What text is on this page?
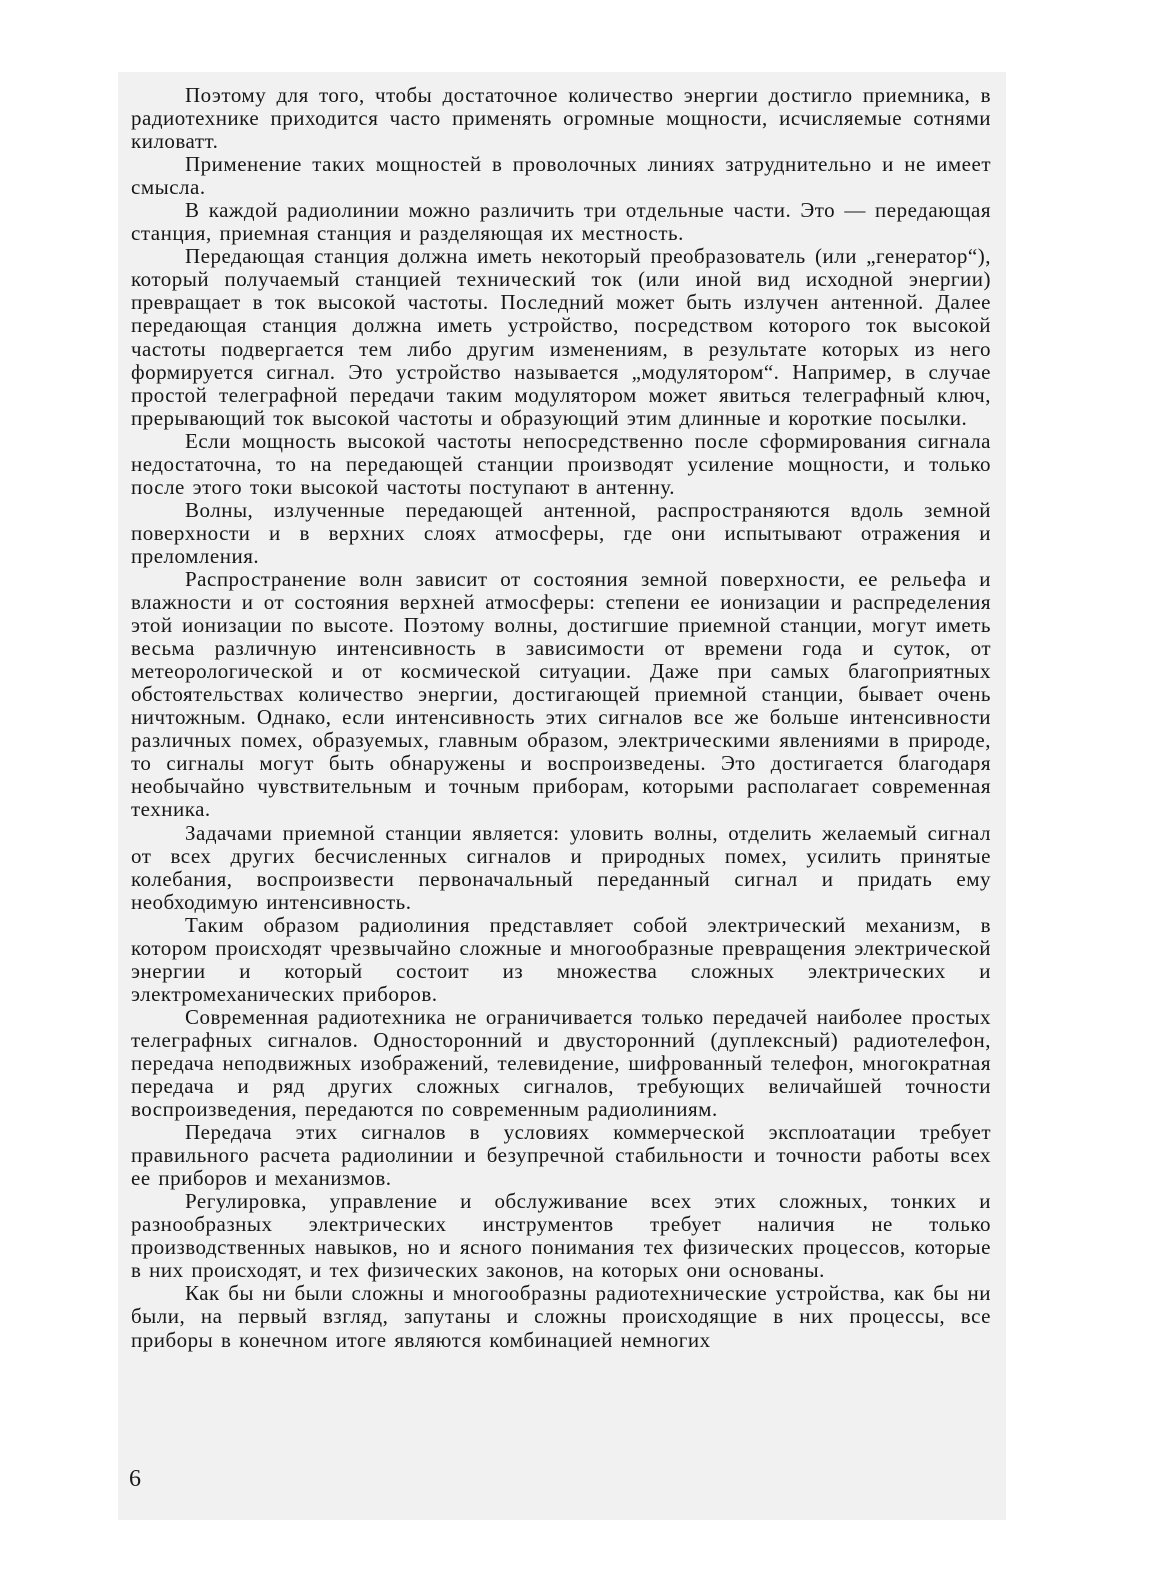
Поэтому для того, чтобы достаточное количество энергии достигло приемника, в радиотехнике приходится часто применять огромные мощности, исчисляемые сотнями киловатт.

Применение таких мощностей в проволочных линиях затруднительно и не имеет смысла.

В каждой радиолинии можно различить три отдельные части. Это — передающая станция, приемная станция и разделяющая их местность.

Передающая станция должна иметь некоторый преобразователь (или „генератор“), который получаемый станцией технический ток (или иной вид исходной энергии) превращает в ток высокой частоты. Последний может быть излучен антенной. Далее передающая станция должна иметь устройство, посредством которого ток высокой частоты подвергается тем либо другим изменениям, в результате которых из него формируется сигнал. Это устройство называется „модулятором“. Например, в случае простой телеграфной передачи таким модулятором может явиться телеграфный ключ, прерывающий ток высокой частоты и образующий этим длинные и короткие посылки.

Если мощность высокой частоты непосредственно после сформирования сигнала недостаточна, то на передающей станции производят усиление мощности, и только после этого токи высокой частоты поступают в антенну.

Волны, излученные передающей антенной, распространяются вдоль земной поверхности и в верхних слоях атмосферы, где они испытывают отражения и преломления.

Распространение волн зависит от состояния земной поверхности, ее рельефа и влажности и от состояния верхней атмосферы: степени ее ионизации и распределения этой ионизации по высоте. Поэтому волны, достигшие приемной станции, могут иметь весьма различную интенсивность в зависимости от времени года и суток, от метеорологической и от космической ситуации. Даже при самых благоприятных обстоятельствах количество энергии, достигающей приемной станции, бывает очень ничтожным. Однако, если интенсивность этих сигналов все же больше интенсивности различных помех, образуемых, главным образом, электрическими явлениями в природе, то сигналы могут быть обнаружены и воспроизведены. Это достигается благодаря необычайно чувствительным и точным приборам, которыми располагает современная техника.

Задачами приемной станции является: уловить волны, отделить желаемый сигнал от всех других бесчисленных сигналов и природных помех, усилить принятые колебания, воспроизвести первоначальный переданный сигнал и придать ему необходимую интенсивность.

Таким образом радиолиния представляет собой электрический механизм, в котором происходят чрезвычайно сложные и многообразные превращения электрической энергии и который состоит из множества сложных электрических и электромеханических приборов.

Современная радиотехника не ограничивается только передачей наиболее простых телеграфных сигналов. Односторонний и двусторонний (дуплексный) радиотелефон, передача неподвижных изображений, телевидение, шифрованный телефон, многократная передача и ряд других сложных сигналов, требующих величайшей точности воспроизведения, передаются по современным радиолиниям.

Передача этих сигналов в условиях коммерческой эксплоатации требует правильного расчета радиолинии и безупречной стабильности и точности работы всех ее приборов и механизмов.

Регулировка, управление и обслуживание всех этих сложных, тонких и разнообразных электрических инструментов требует наличия не только производственных навыков, но и ясного понимания тех физических процессов, которые в них происходят, и тех физических законов, на которых они основаны.

Как бы ни были сложны и многообразны радиотехнические устройства, как бы ни были, на первый взгляд, запутаны и сложны происходящие в них процессы, все приборы в конечном итоге являются комбинацией немногих

6
